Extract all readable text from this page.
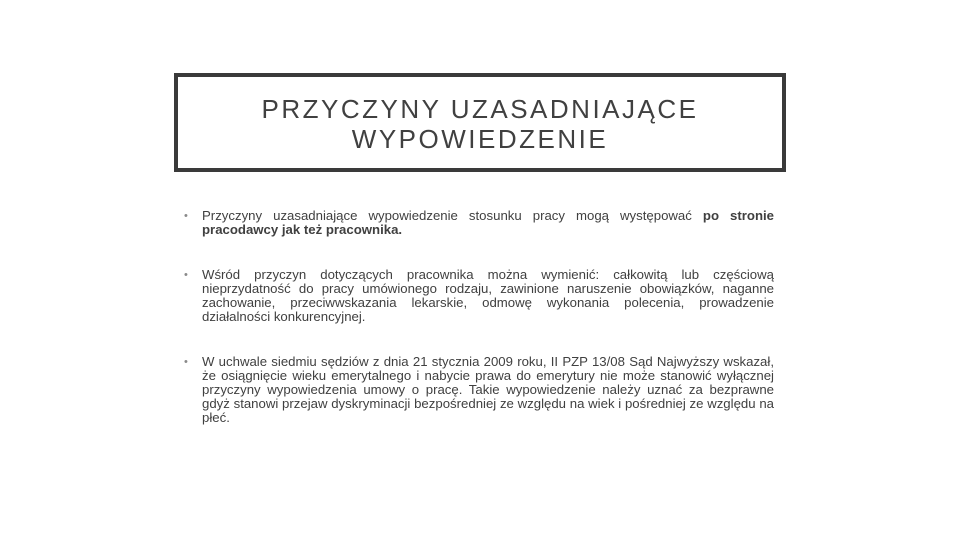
PRZYCZYNY UZASADNIAJĄCE
WYPOWIEDZENIE
• Przyczyny uzasadniające wypowiedzenie stosunku pracy mogą występować po stronie pracodawcy jak też pracownika.
• Wśród przyczyn dotyczących pracownika można wymienić: całkowitą lub częściową nieprzydatność do pracy umówionego rodzaju, zawinione naruszenie obowiązków, naganne zachowanie, przeciwwskazania lekarskie, odmowę wykonania polecenia, prowadzenie działalności konkurencyjnej.
• W uchwale siedmiu sędziów z dnia 21 stycznia 2009 roku, II PZP 13/08 Sąd Najwyższy wskazał, że osiągnięcie wieku emerytalnego i nabycie prawa do emerytury nie może stanowić wyłącznej przyczyny wypowiedzenia umowy o pracę. Takie wypowiedzenie należy uznać za bezprawne gdyż stanowi przejaw dyskryminacji bezpośredniej ze względu na wiek i pośredniej ze względu na płeć.
